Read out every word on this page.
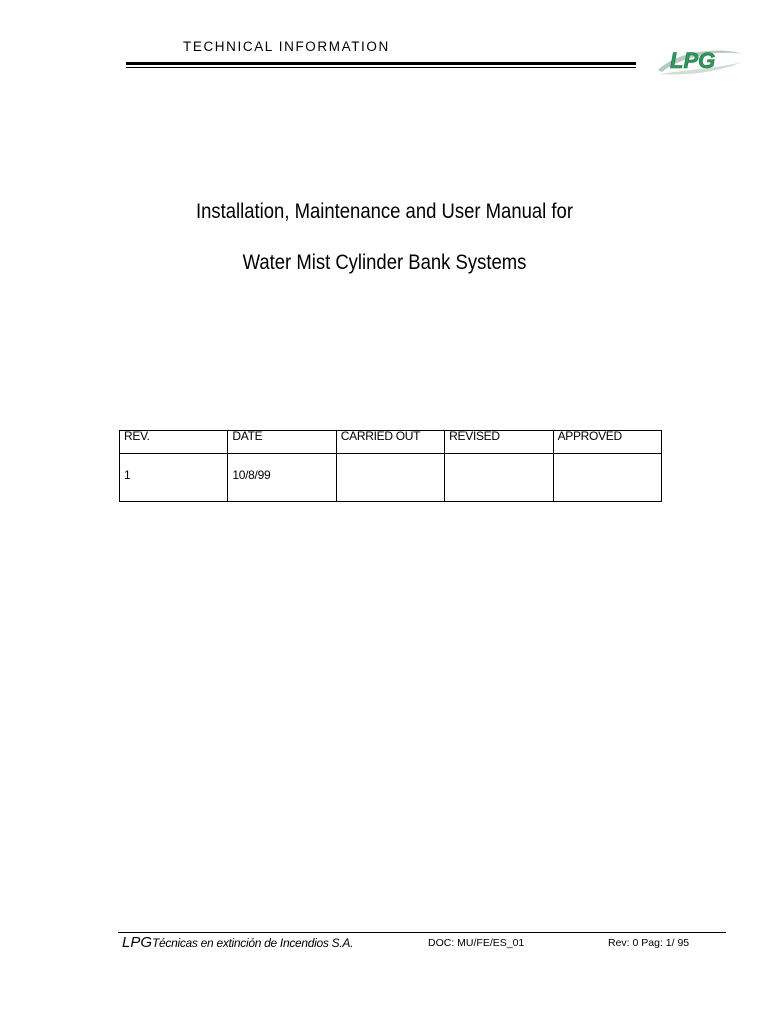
TECHNICAL INFORMATION
LPG
Installation, Maintenance and User Manual for
Water Mist Cylinder Bank Systems
REV.	DATE	CARRIED OUT	REVISED	APPROVED
1	10/8/99			
LPGTécnicas en extinción de Incendios S.A.	DOC: MU/FE/ES_01	Rev: 0 Pag: 1/ 95
